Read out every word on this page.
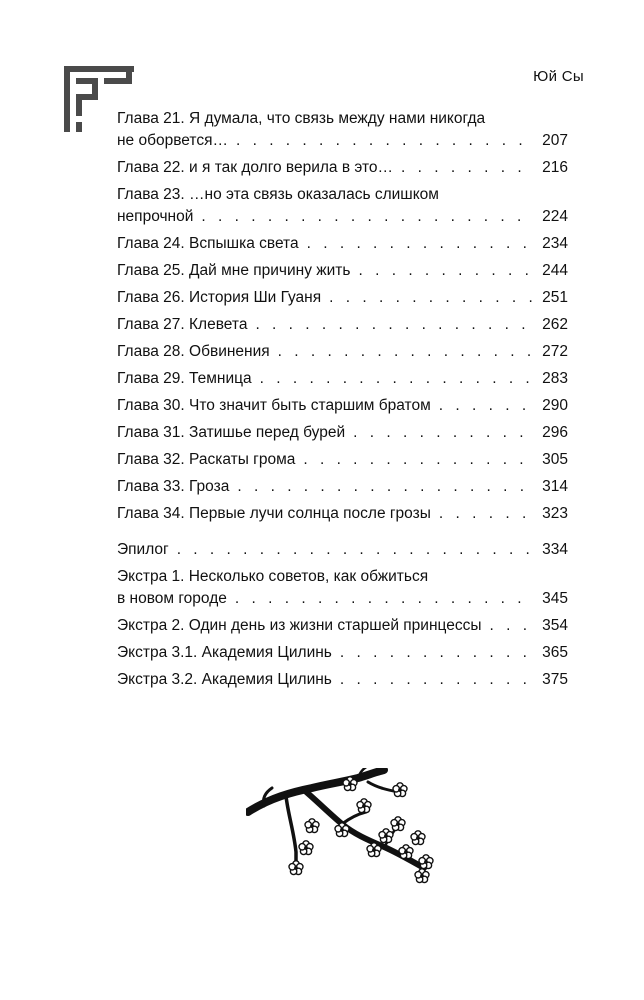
Юй Сы
Глава 21. Я думала, что связь между нами никогда
не оборвется… . . .	207
Глава 22. и я так долго верила в это… . . .	216
Глава 23. …но эта связь оказалась слишком
непрочной . . .	224
Глава 24. Вспышка света . . .	234
Глава 25. Дай мне причину жить . . .	244
Глава 26. История Ши Гуаня . . .	251
Глава 27. Клевета . . .	262
Глава 28. Обвинения . . .	272
Глава 29. Темница . . .	283
Глава 30. Что значит быть старшим братом . . .	290
Глава 31. Затишье перед бурей . . .	296
Глава 32. Раскаты грома . . .	305
Глава 33. Гроза . . .	314
Глава 34. Первые лучи солнца после грозы . . .	323
Эпилог . . .	334
Экстра 1. Несколько советов, как обжиться
в новом городе . . .	345
Экстра 2. Один день из жизни старшей принцессы . . .	354
Экстра 3.1. Академия Цилинь . . .	365
Экстра 3.2. Академия Цилинь . . .	375
